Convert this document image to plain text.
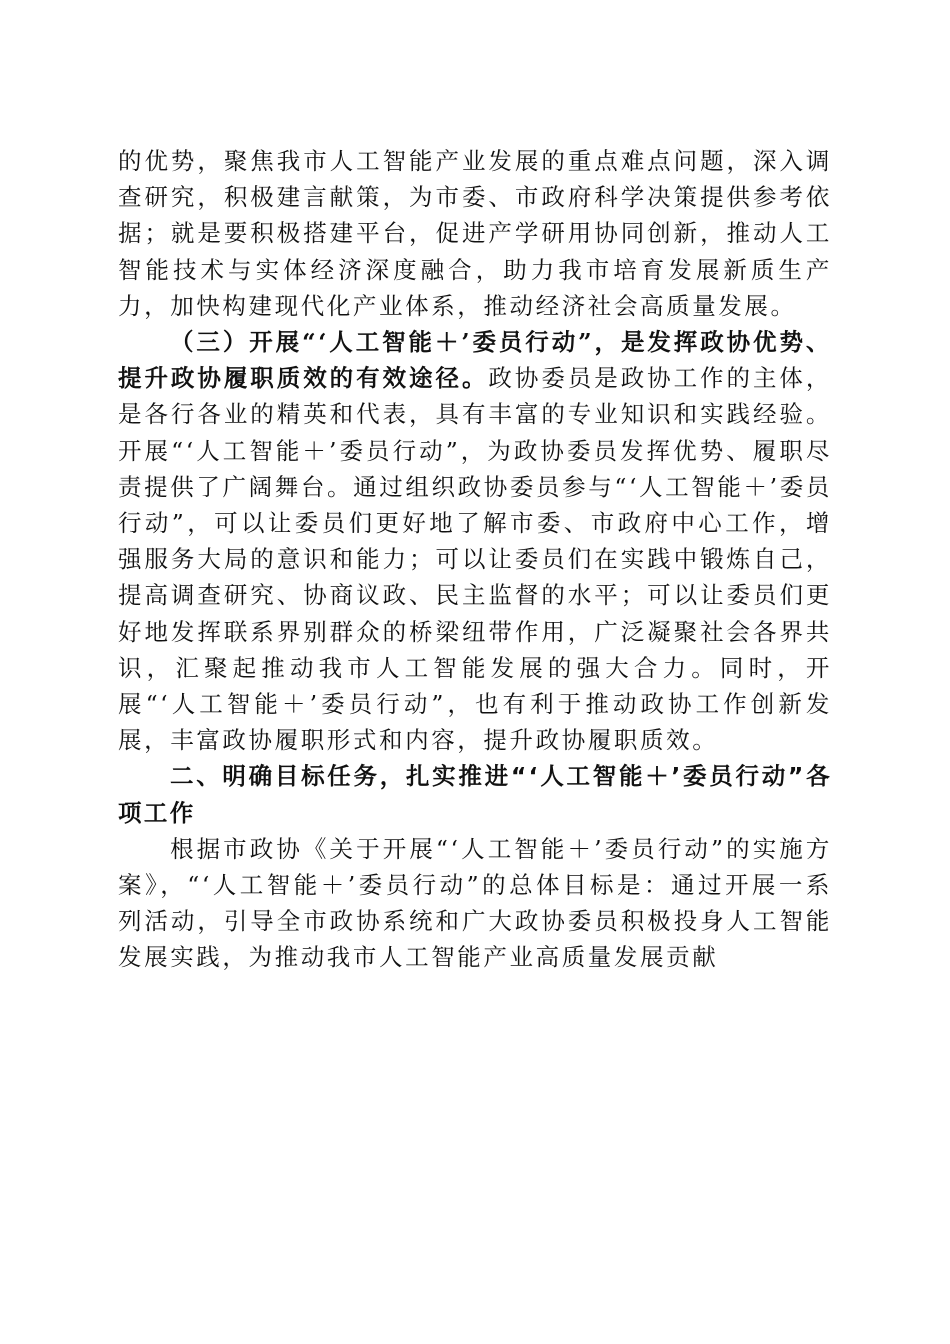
的优势，聚焦我市人工智能产业发展的重点难点问题，深入调查研究，积极建言献策，为市委、市政府科学决策提供参考依据；就是要积极搭建平台，促进产学研用协同创新，推动人工智能技术与实体经济深度融合，助力我市培育发展新质生产力，加快构建现代化产业体系，推动经济社会高质量发展。

（三）开展“‘人工智能＋’委员行动”，是发挥政协优势、提升政协履职质效的有效途径。政协委员是政协工作的主体，是各行各业的精英和代表，具有丰富的专业知识和实践经验。开展“‘人工智能＋’委员行动”，为政协委员发挥优势、履职尽责提供了广阔舞台。通过组织政协委员参与“‘人工智能＋’委员行动”，可以让委员们更好地了解市委、市政府中心工作，增强服务大局的意识和能力；可以让委员们在实践中锻炼自己，提高调查研究、协商议政、民主监督的水平；可以让委员们更好地发挥联系界别群众的桥梁纽带作用，广泛凝聚社会各界共识，汇聚起推动我市人工智能发展的强大合力。同时，开展“‘人工智能＋’委员行动”，也有利于推动政协工作创新发展，丰富政协履职形式和内容，提升政协履职质效。

二、明确目标任务，扎实推进“‘人工智能＋’委员行动”各项工作

根据市政协《关于开展“‘人工智能＋’委员行动”的实施方案》，“‘人工智能＋’委员行动”的总体目标是：通过开展一系列活动，引导全市政协系统和广大政协委员积极投身人工智能发展实践，为推动我市人工智能产业高质量发展贡献
